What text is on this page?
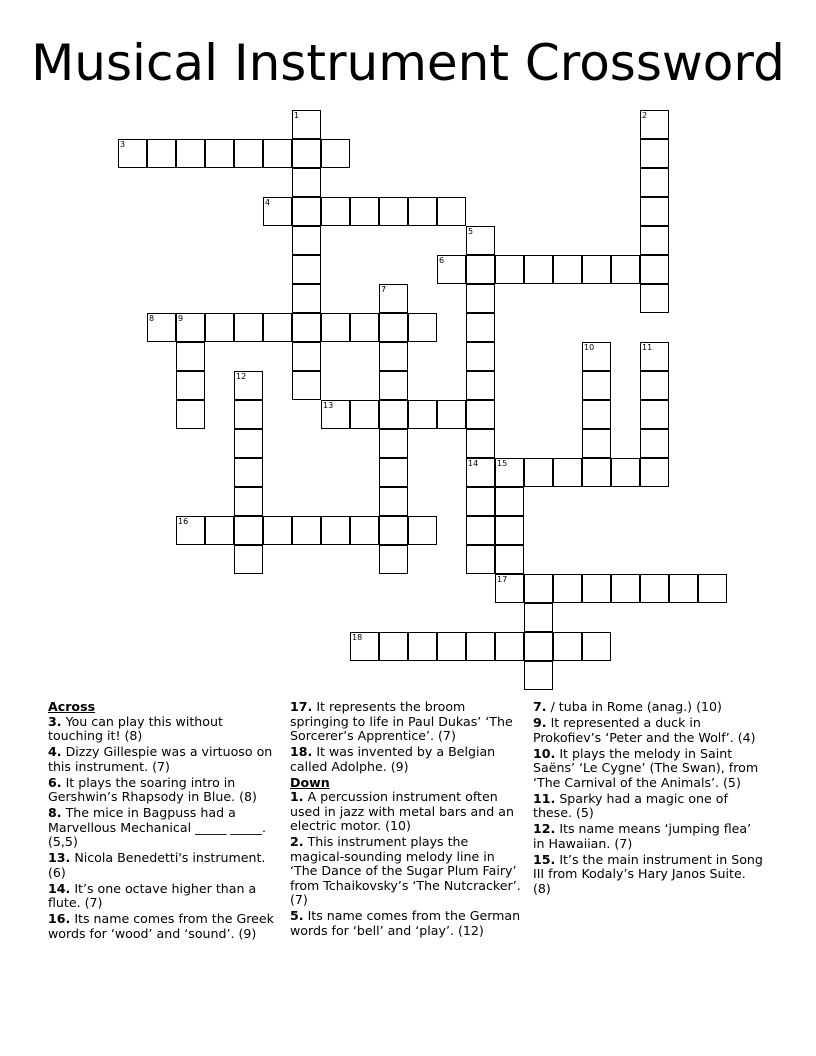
Musical Instrument Crossword
1	2
3
4
5
6
7
8	9
10	11
12
13
14 15
16
17
18
Across
3. You can play this without touching it! (8)
4. Dizzy Gillespie was a virtuoso on this instrument. (7)
6. It plays the soaring intro in Gershwin’s Rhapsody in Blue. (8)
8. The mice in Bagpuss had a Marvellous Mechanical _____ _____. (5,5)
13. Nicola Benedetti's instrument. (6)
14. It’s one octave higher than a flute. (7)
16. Its name comes from the Greek words for ‘wood’ and ‘sound’. (9)
17. It represents the broom springing to life in Paul Dukas’ ‘The Sorcerer’s Apprentice’. (7)
18. It was invented by a Belgian called Adolphe. (9)
Down
1. A percussion instrument often used in jazz with metal bars and an electric motor. (10)
2. This instrument plays the magical-sounding melody line in ‘The Dance of the Sugar Plum Fairy’ from Tchaikovsky’s ‘The Nutcracker’. (7)
5. Its name comes from the German words for ‘bell’ and ‘play’. (12)
7. / tuba in Rome (anag.) (10)
9. It represented a duck in Prokofiev’s ‘Peter and the Wolf’. (4)
10. It plays the melody in Saint Saëns’ ‘Le Cygne’ (The Swan), from ‘The Carnival of the Animals’. (5)
11. Sparky had a magic one of these. (5)
12. Its name means ‘jumping flea’ in Hawaiian. (7)
15. It’s the main instrument in Song III from Kodaly’s Hary Janos Suite. (8)
